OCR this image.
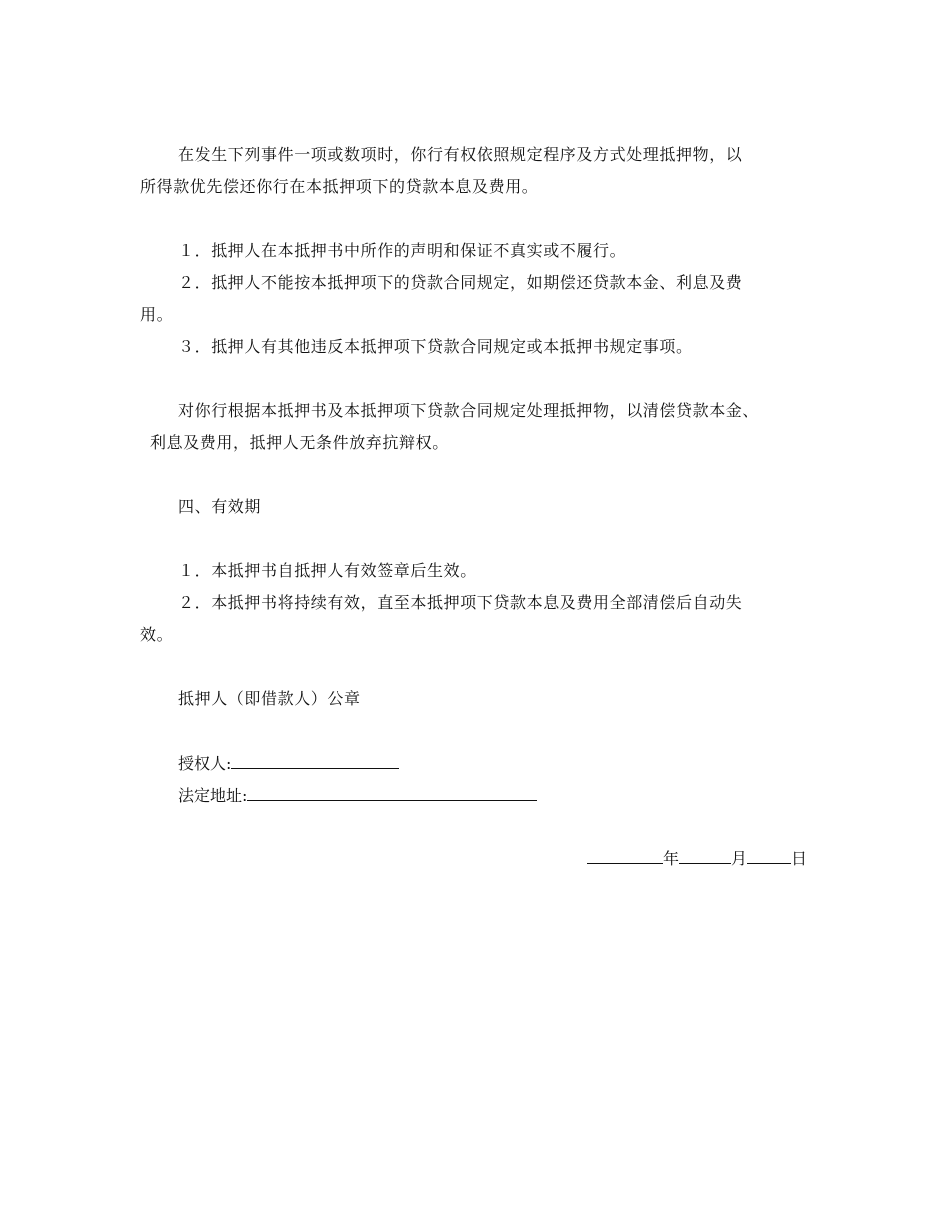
在发生下列事件一项或数项时，你行有权依照规定程序及方式处理抵押物，以
所得款优先偿还你行在本抵押项下的贷款本息及费用。
１．抵押人在本抵押书中所作的声明和保证不真实或不履行。
２．抵押人不能按本抵押项下的贷款合同规定，如期偿还贷款本金、利息及费
用。
３．抵押人有其他违反本抵押项下贷款合同规定或本抵押书规定事项。
对你行根据本抵押书及本抵押项下贷款合同规定处理抵押物，以清偿贷款本金、
利息及费用，抵押人无条件放弃抗辩权。
四、有效期
１．本抵押书自抵押人有效签章后生效。
２．本抵押书将持续有效，直至本抵押项下贷款本息及费用全部清偿后自动失
效。
抵押人（即借款人）公章
授权人:
法定地址:
年	月	日
